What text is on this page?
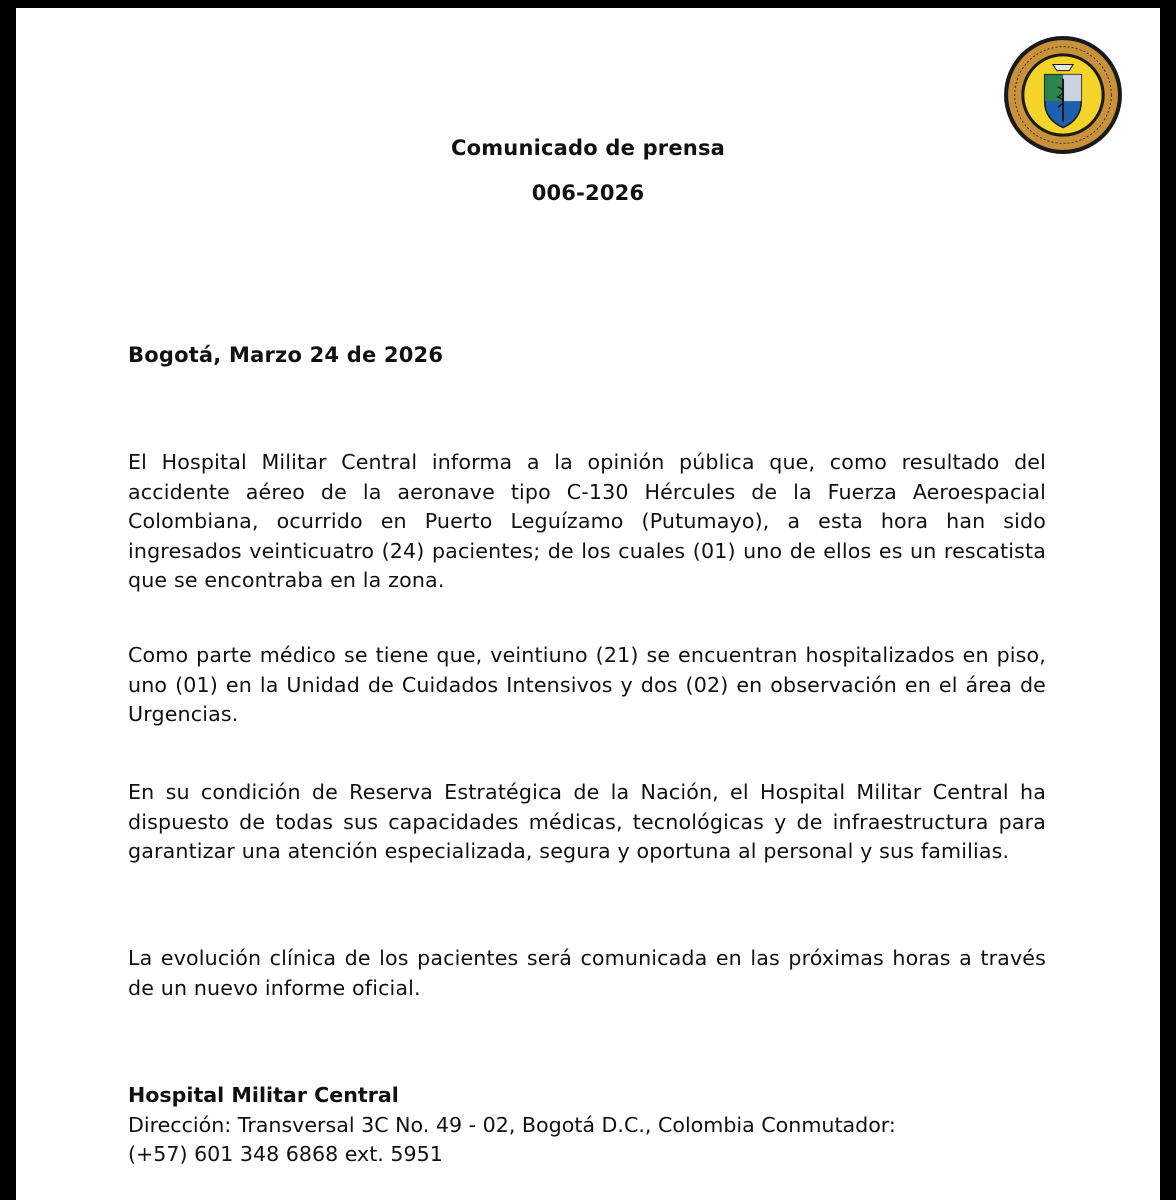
Comunicado de prensa
006-2026
Bogotá, Marzo 24 de 2026

El Hospital Militar Central informa a la opinión pública que, como resultado del accidente aéreo de la aeronave tipo C-130 Hércules de la Fuerza Aeroespacial Colombiana, ocurrido en Puerto Leguízamo (Putumayo), a esta hora han sido ingresados veinticuatro (24) pacientes; de los cuales (01) uno de ellos es un rescatista que se encontraba en la zona.

Como parte médico se tiene que, veintiuno (21) se encuentran hospitalizados en piso, uno (01) en la Unidad de Cuidados Intensivos y dos (02) en observación en el área de Urgencias.

En su condición de Reserva Estratégica de la Nación, el Hospital Militar Central ha dispuesto de todas sus capacidades médicas, tecnológicas y de infraestructura para garantizar una atención especializada, segura y oportuna al personal y sus familias.

La evolución clínica de los pacientes será comunicada en las próximas horas a través de un nuevo informe oficial.

Hospital Militar Central
Dirección: Transversal 3C No. 49 - 02, Bogotá D.C., Colombia Conmutador:
(+57) 601 348 6868 ext. 5951
